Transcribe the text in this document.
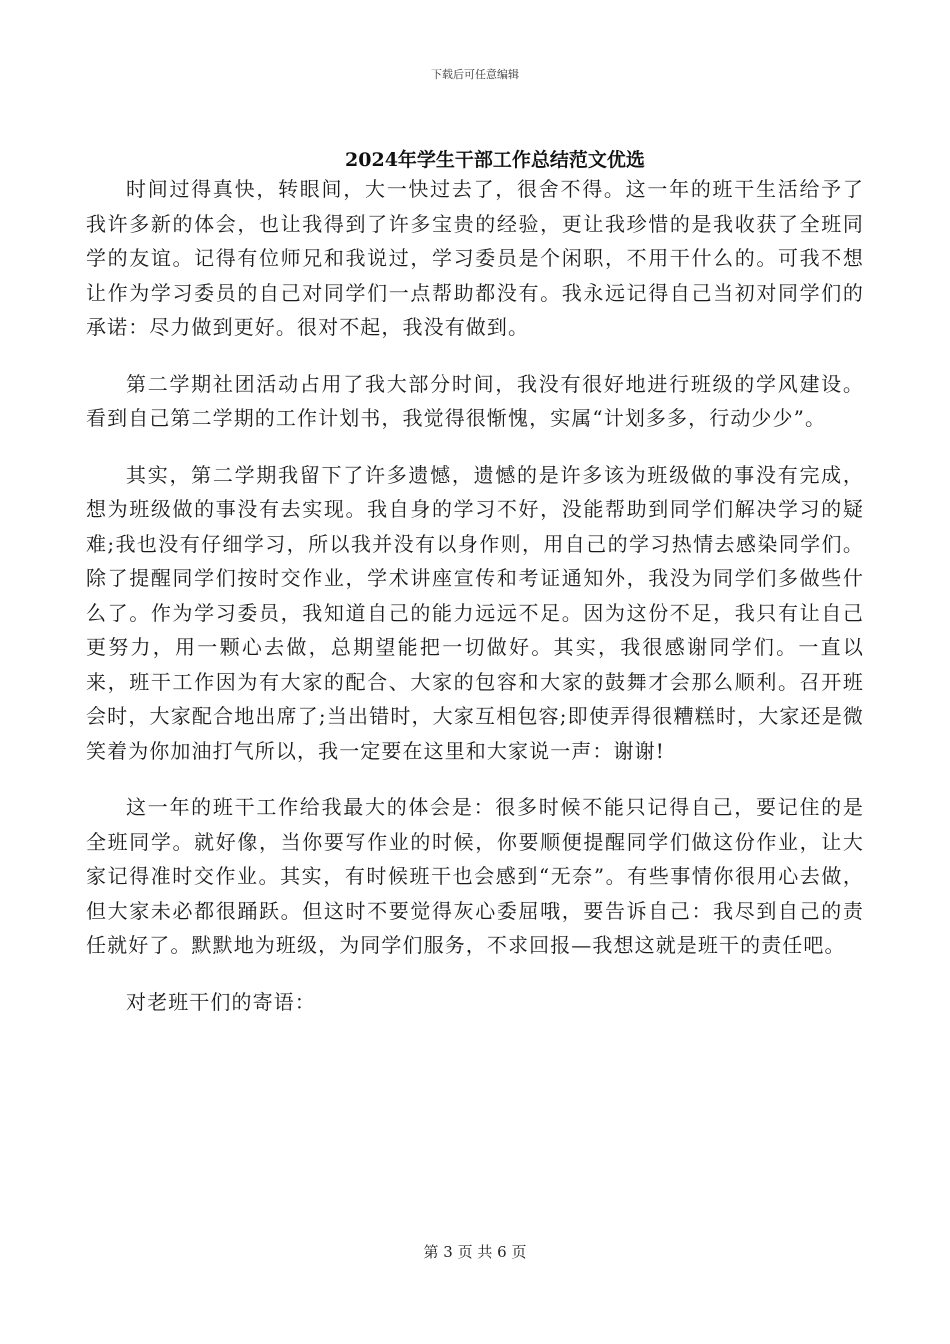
下载后可任意编辑
2024年学生干部工作总结范文优选

时间过得真快，转眼间，大一快过去了，很舍不得。这一年的班干生活给予了我许多新的体会，也让我得到了许多宝贵的经验，更让我珍惜的是我收获了全班同学的友谊。记得有位师兄和我说过，学习委员是个闲职，不用干什么的。可我不想让作为学习委员的自己对同学们一点帮助都没有。我永远记得自己当初对同学们的承诺：尽力做到更好。很对不起，我没有做到。

第二学期社团活动占用了我大部分时间，我没有很好地进行班级的学风建设。看到自己第二学期的工作计划书，我觉得很惭愧，实属“计划多多，行动少少”。

其实，第二学期我留下了许多遗憾，遗憾的是许多该为班级做的事没有完成，想为班级做的事没有去实现。我自身的学习不好，没能帮助到同学们解决学习的疑难;我也没有仔细学习，所以我并没有以身作则，用自己的学习热情去感染同学们。除了提醒同学们按时交作业，学术讲座宣传和考证通知外，我没为同学们多做些什么了。作为学习委员，我知道自己的能力远远不足。因为这份不足，我只有让自己更努力，用一颗心去做，总期望能把一切做好。其实，我很感谢同学们。一直以来，班干工作因为有大家的配合、大家的包容和大家的鼓舞才会那么顺利。召开班会时，大家配合地出席了;当出错时，大家互相包容;即使弄得很糟糕时，大家还是微笑着为你加油打气所以，我一定要在这里和大家说一声：谢谢!

这一年的班干工作给我最大的体会是：很多时候不能只记得自己，要记住的是全班同学。就好像，当你要写作业的时候，你要顺便提醒同学们做这份作业，让大家记得准时交作业。其实，有时候班干也会感到“无奈”。有些事情你很用心去做，但大家未必都很踊跃。但这时不要觉得灰心委屈哦，要告诉自己：我尽到自己的责任就好了。默默地为班级，为同学们服务，不求回报—我想这就是班干的责任吧。

对老班干们的寄语：

第 3 页 共 6 页
